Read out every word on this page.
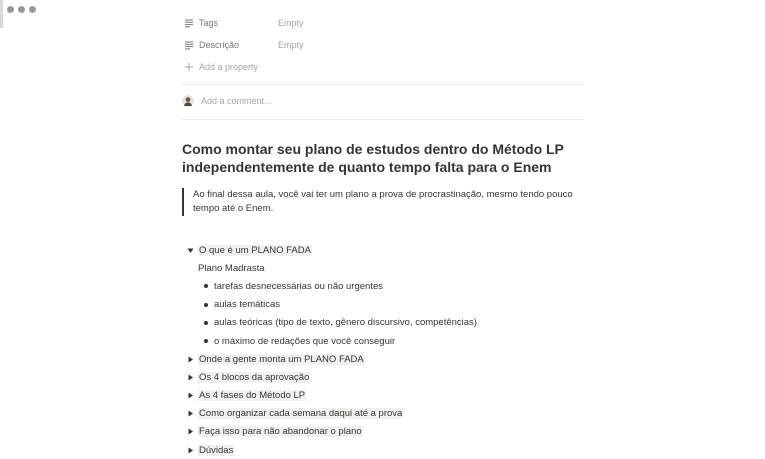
Tags	Empty
Descrição	Empty
Add a property
Add a comment...
Como montar seu plano de estudos dentro do Método LP independentemente de quanto tempo falta para o Enem
Ao final dessa aula, você vai ter um plano a prova de procrastinação, mesmo tendo pouco tempo até o Enem.
O que é um PLANO FADA
Plano Madrasta
tarefas desnecessárias ou não urgentes
aulas temáticas
aulas teóricas (tipo de texto, gênero discursivo, competências)
o máximo de redações que você conseguir
Onde a gente monta um PLANO FADA
Os 4 blocos da aprovação
As 4 fases do Método LP
Como organizar cada semana daqui até a prova
Faça isso para não abandonar o plano
Dúvidas
